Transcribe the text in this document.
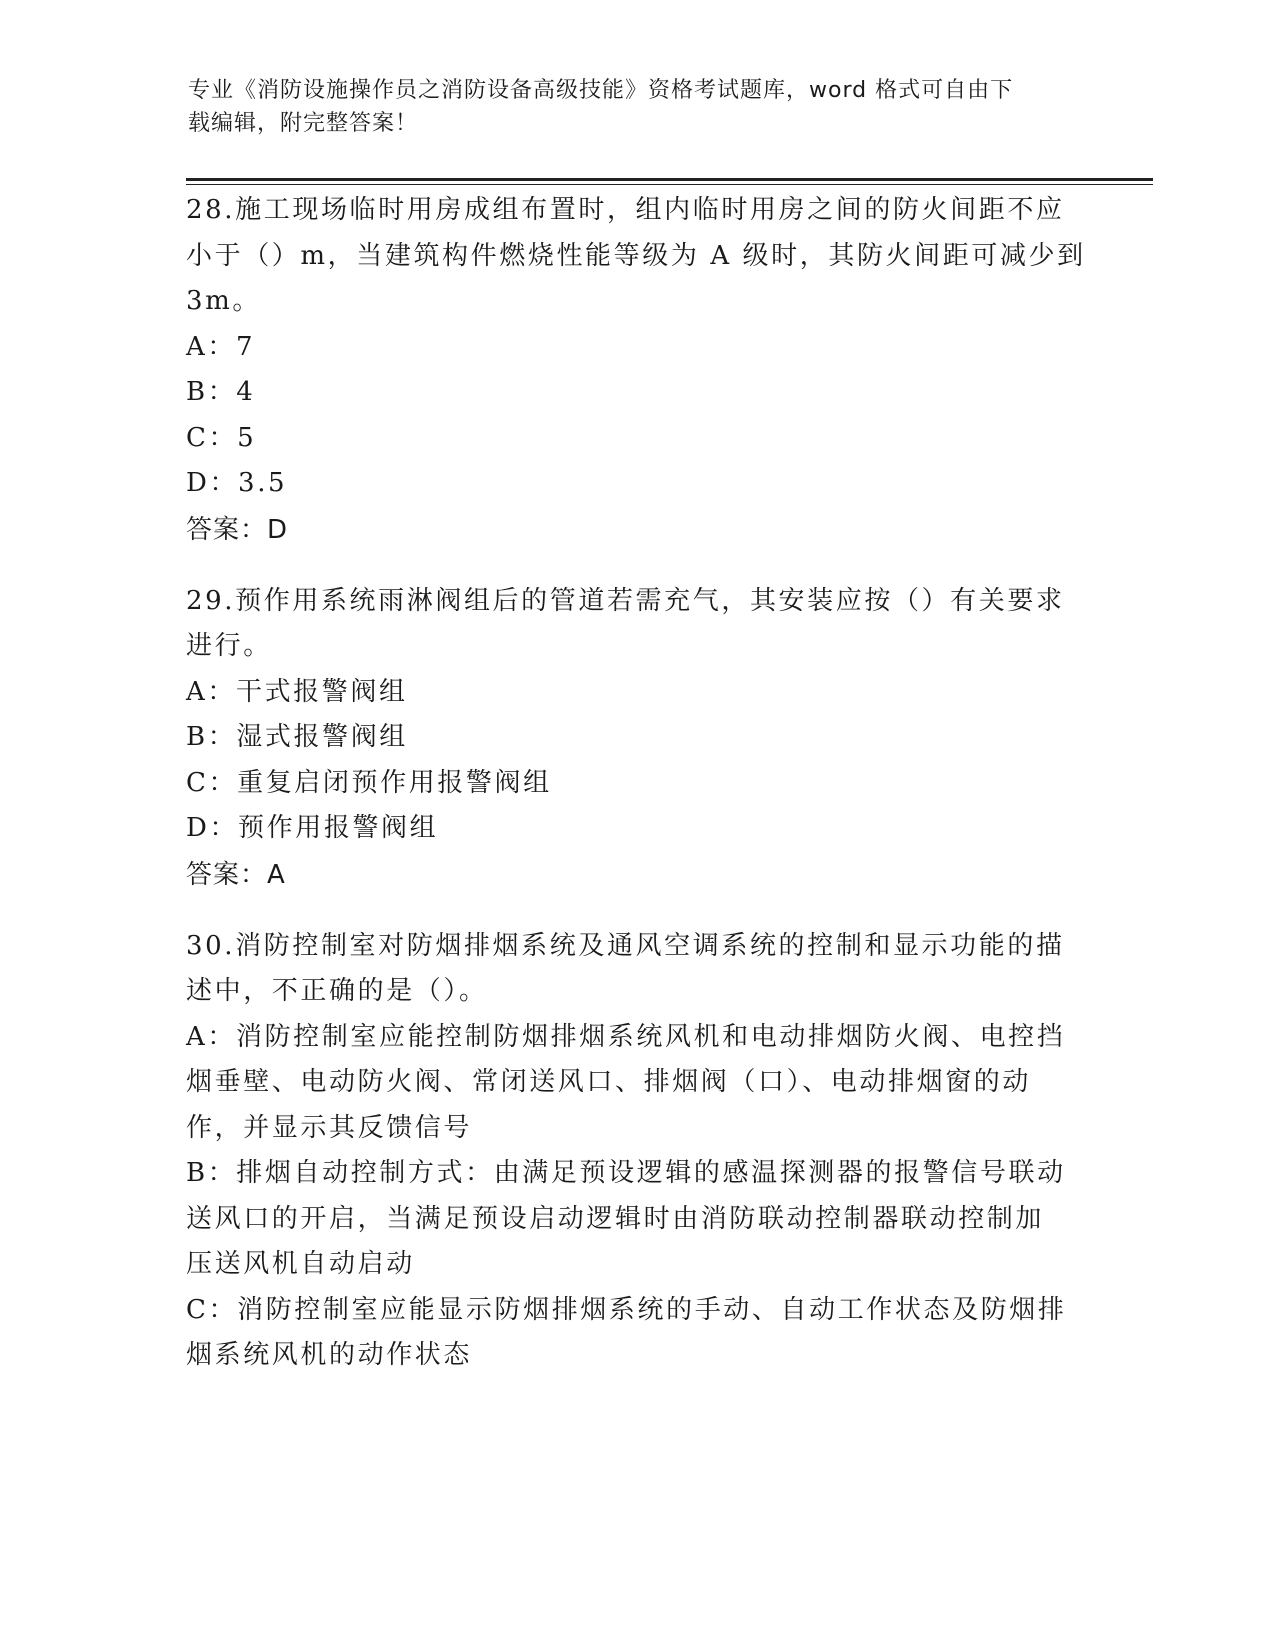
专业《消防设施操作员之消防设备高级技能》资格考试题库，word 格式可自由下
载编辑，附完整答案！
28.施工现场临时用房成组布置时，组内临时用房之间的防火间距不应
小于（）m，当建筑构件燃烧性能等级为 A 级时，其防火间距可减少到
3m。
A：7
B：4
C：5
D：3.5
答案：D
29.预作用系统雨淋阀组后的管道若需充气，其安装应按（）有关要求
进行。
A：干式报警阀组
B：湿式报警阀组
C：重复启闭预作用报警阀组
D：预作用报警阀组
答案：A
30.消防控制室对防烟排烟系统及通风空调系统的控制和显示功能的描
述中，不正确的是（）。
A：消防控制室应能控制防烟排烟系统风机和电动排烟防火阀、电控挡
烟垂壁、电动防火阀、常闭送风口、排烟阀（口）、电动排烟窗的动
作，并显示其反馈信号
B：排烟自动控制方式：由满足预设逻辑的感温探测器的报警信号联动
送风口的开启，当满足预设启动逻辑时由消防联动控制器联动控制加
压送风机自动启动
C：消防控制室应能显示防烟排烟系统的手动、自动工作状态及防烟排
烟系统风机的动作状态
